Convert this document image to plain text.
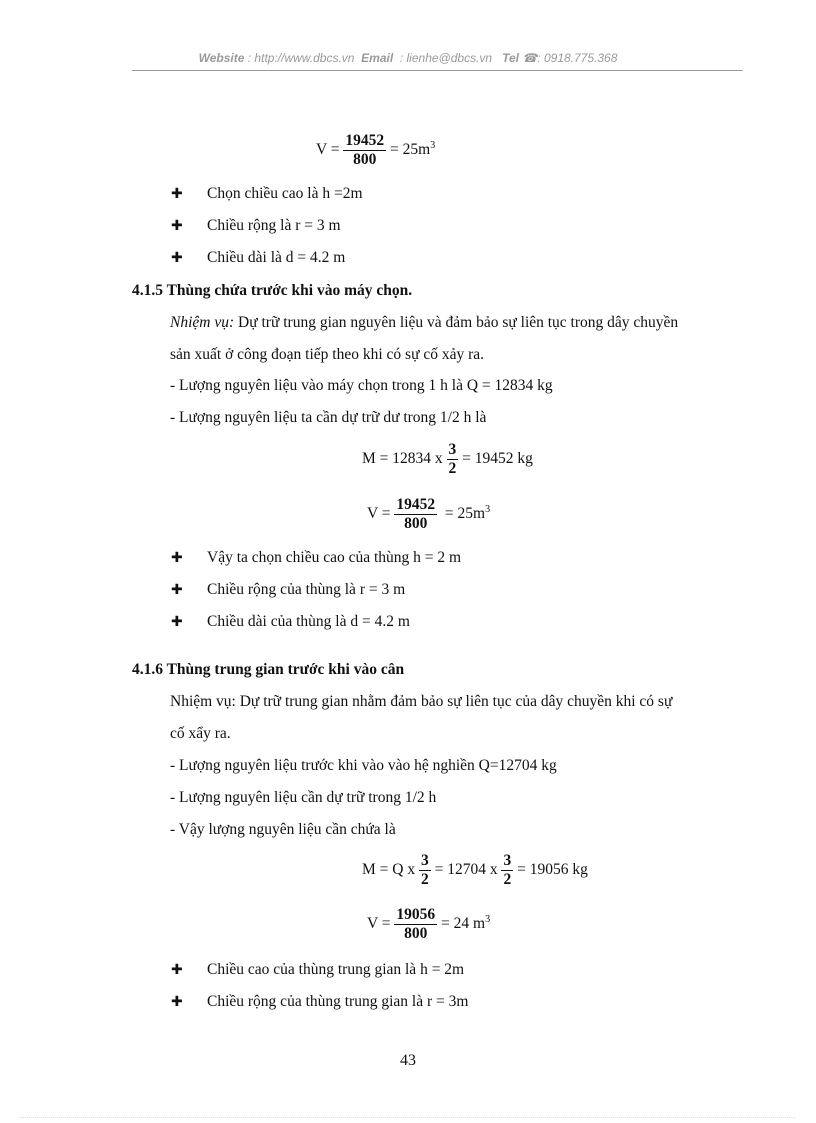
Website : http://www.dbcs.vn Email : lienhe@dbcs.vn Tel ☎: 0918.775.368
$V = \frac{19452}{800} = 25m^3$
✚ Chọn chiều cao là h =2m
✚ Chiều rộng là r = 3 m
✚ Chiều dài là d = 4.2 m
4.1.5 Thùng chứa trước khi vào máy chọn.
Nhiệm vụ: Dự trữ trung gian nguyên liệu và đảm bảo sự liên tục trong dây chuyền
sản xuất ở công đoạn tiếp theo khi có sự cố xảy ra.
- Lượng nguyên liệu vào máy chọn trong 1 h là Q = 12834 kg
- Lượng nguyên liệu ta cần dự trữ dư trong 1/2 h là
M = 12834 x $\frac{3}{2} = 19452$ kg
$V = \frac{19452}{800} = 25m^3$
✚ Vậy ta chọn chiều cao của thùng h = 2 m
✚ Chiều rộng của thùng là r = 3 m
✚ Chiều dài của thùng là d = 4.2 m
4.1.6 Thùng trung gian trước khi vào cân
Nhiệm vụ: Dự trữ trung gian nhằm đảm bảo sự liên tục của dây chuyền khi có sự
cố xẩy ra.
- Lượng nguyên liệu trước khi vào vào hệ nghiền Q=12704 kg
- Lượng nguyên liệu cần dự trữ trong 1/2 h
- Vậy lượng nguyên liệu cần chứa là
M = Q x $\frac{3}{2} = 12704$ x $\frac{3}{2} = 19056$ kg
$V = \frac{19056}{800} = 24$ $m^3$
✚ Chiều cao của thùng trung gian là h = 2m
✚ Chiều rộng của thùng trung gian là r = 3m
43
